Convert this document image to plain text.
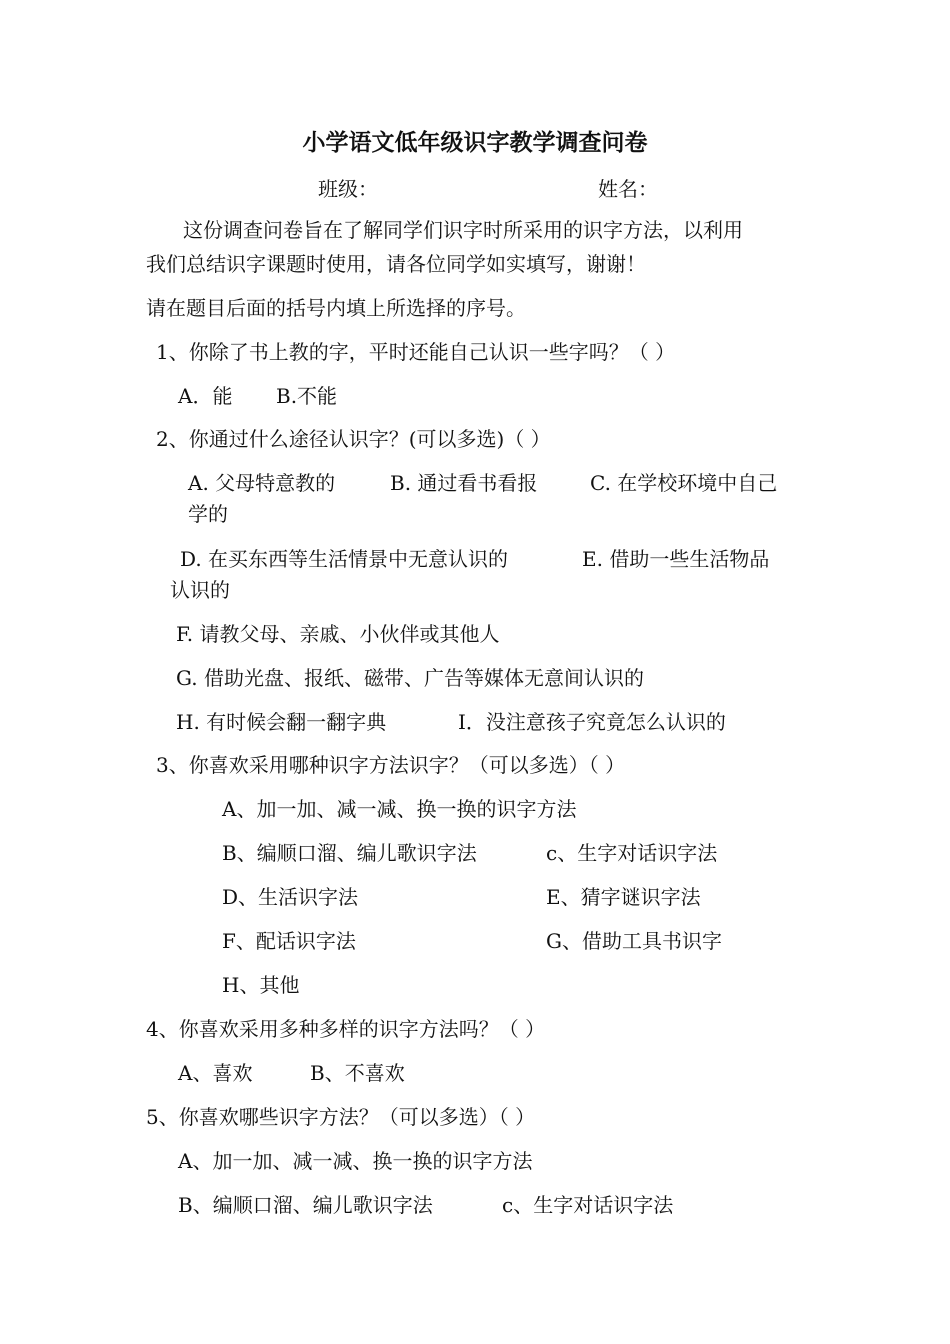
小学语文低年级识字教学调查问卷
班级：	姓名：
这份调查问卷旨在了解同学们识字时所采用的识字方法，以利用
我们总结识字课题时使用，请各位同学如实填写，谢谢！
请在题目后面的括号内填上所选择的序号。
1、你除了书上教的字，平时还能自己认识一些字吗？（ ）
A．能 B.不能
2、你通过什么途径认识字？(可以多选)（ ）
A. 父母特意教的	B. 通过看书看报	C. 在学校环境中自己
学的
D. 在买东西等生活情景中无意认识的	E. 借助一些生活物品
认识的
F. 请教父母、亲戚、小伙伴或其他人
G. 借助光盘、报纸、磁带、广告等媒体无意间认识的
H. 有时候会翻一翻字典	I．没注意孩子究竟怎么认识的
3、你喜欢采用哪种识字方法识字？（可以多选）（ ）
A、加一加、减一减、换一换的识字方法
B、编顺口溜、编儿歌识字法	c、生字对话识字法
D、生活识字法	E、猜字谜识字法
F、配话识字法	G、借助工具书识字
H、其他
4、你喜欢采用多种多样的识字方法吗？（ ）
A、喜欢	B、不喜欢
5、你喜欢哪些识字方法？（可以多选）（ ）
A、加一加、减一减、换一换的识字方法
B、编顺口溜、编儿歌识字法	c、生字对话识字法
